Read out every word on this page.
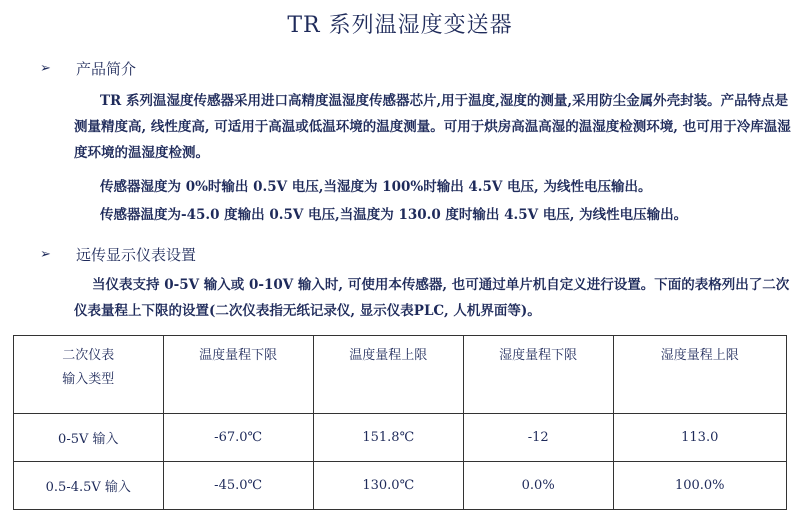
TR 系列温湿度变送器
➢ 产品简介
TR 系列温湿度传感器采用进口高精度温湿度传感器芯片,用于温度,湿度的测量,采用防尘金属外壳封装。产品特点是测量精度高, 线性度高, 可适用于高温或低温环境的温度测量。可用于烘房高温高湿的温湿度检测环境, 也可用于冷库温湿度环境的温湿度检测。
传感器湿度为 0%时输出 0.5V 电压,当湿度为 100%时输出 4.5V 电压, 为线性电压输出。
传感器温度为-45.0 度输出 0.5V 电压,当温度为 130.0 度时输出 4.5V 电压, 为线性电压输出。
➢ 远传显示仪表设置
当仪表支持 0-5V 输入或 0-10V 输入时, 可使用本传感器, 也可通过单片机自定义进行设置。下面的表格列出了二次仪表量程上下限的设置(二次仪表指无纸记录仪, 显示仪表PLC, 人机界面等)。
二次仪表
输入类型	温度量程下限	温度量程上限	湿度量程下限	湿度量程上限
0-5V 输入	-67.0℃	151.8℃	-12	113.0
0.5-4.5V 输入	-45.0℃	130.0℃	0.0%	100.0%
